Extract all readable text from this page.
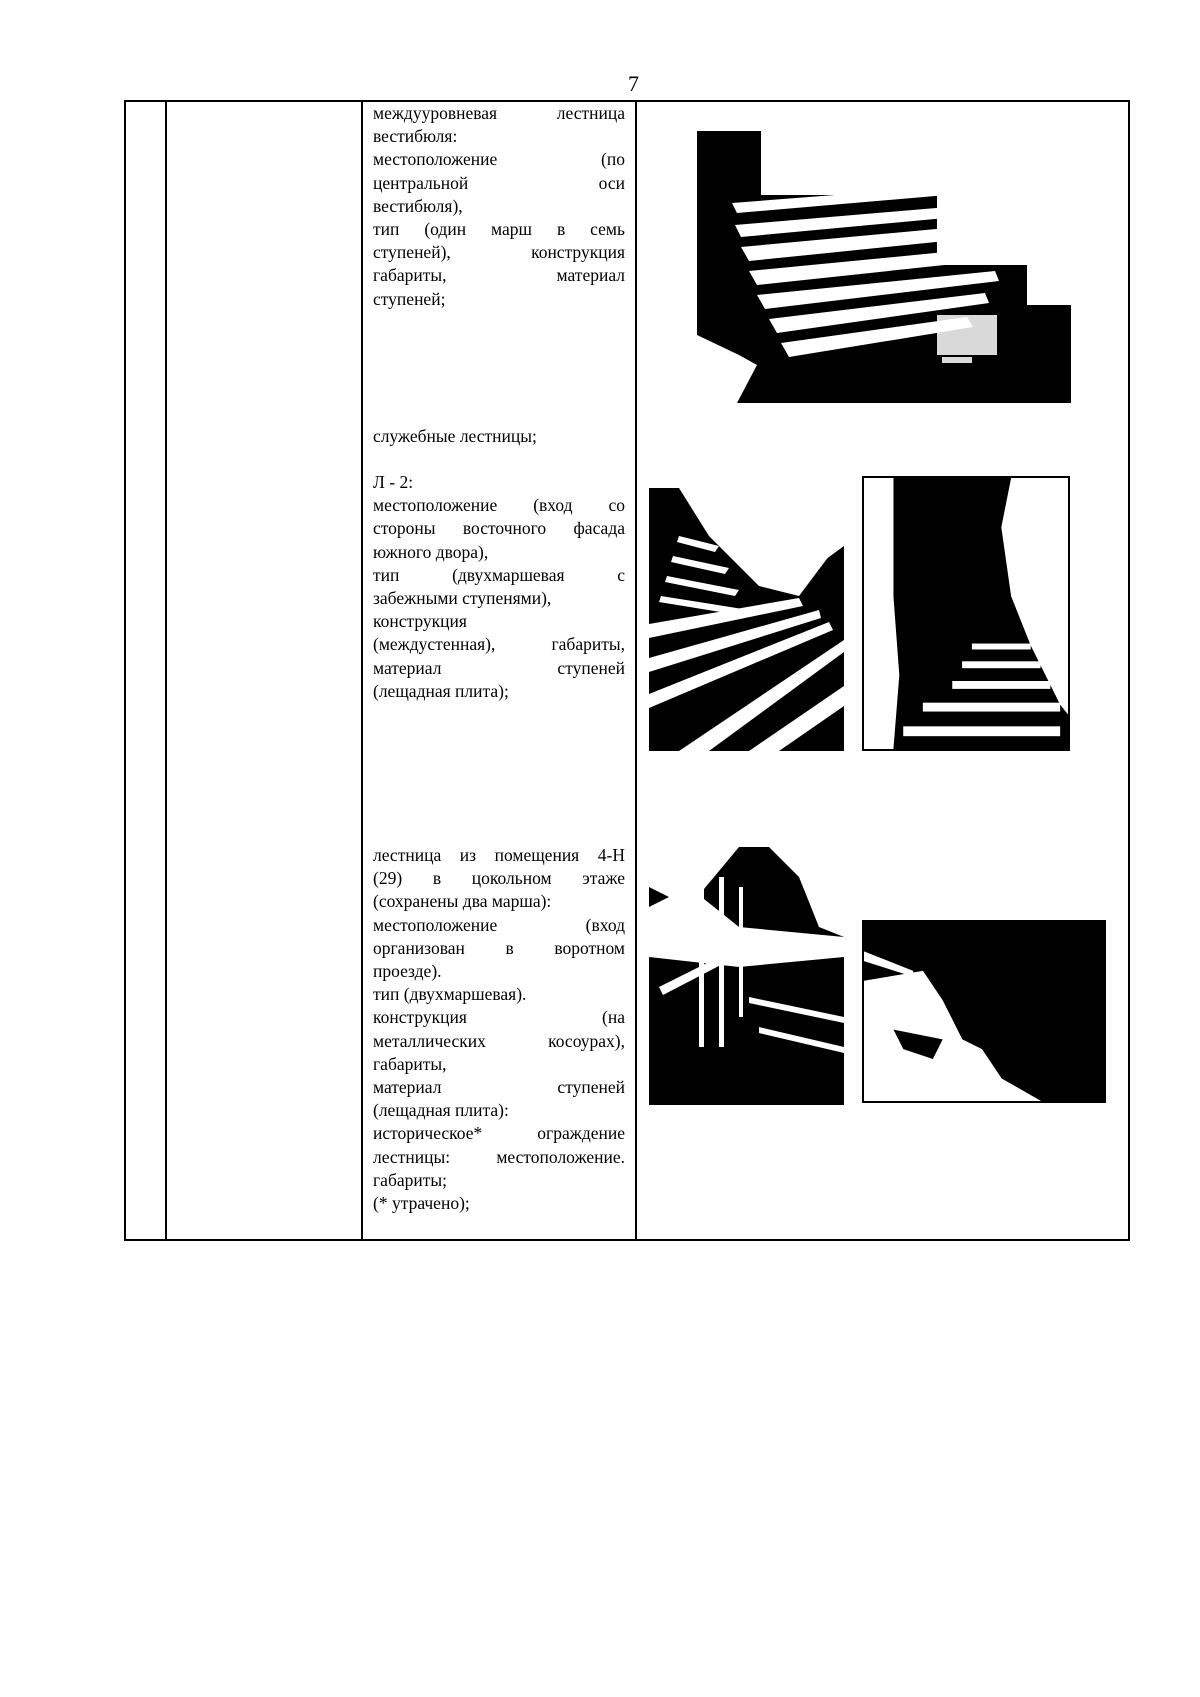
7
междууровневая лестница
вестибюля:
местоположение (по
центральной оси
вестибюля),
тип (один марш в семь
ступеней), конструкция
габариты, материал
ступеней;
служебные лестницы;
Л - 2:
местоположение (вход со
стороны восточного фасада
южного двора),
тип (двухмаршевая с
забежными ступенями),
конструкция
(междустенная), габариты,
материал ступеней
(лещадная плита);
лестница из помещения 4-Н
(29) в цокольном этаже
(сохранены два марша):
местоположение (вход
организован в воротном
проезде).
тип (двухмаршевая).
конструкция (на
металлических косоурах),
габариты,
материал ступеней
(лещадная плита):
историческое* ограждение
лестницы: местоположение.
габариты;
(* утрачено);
